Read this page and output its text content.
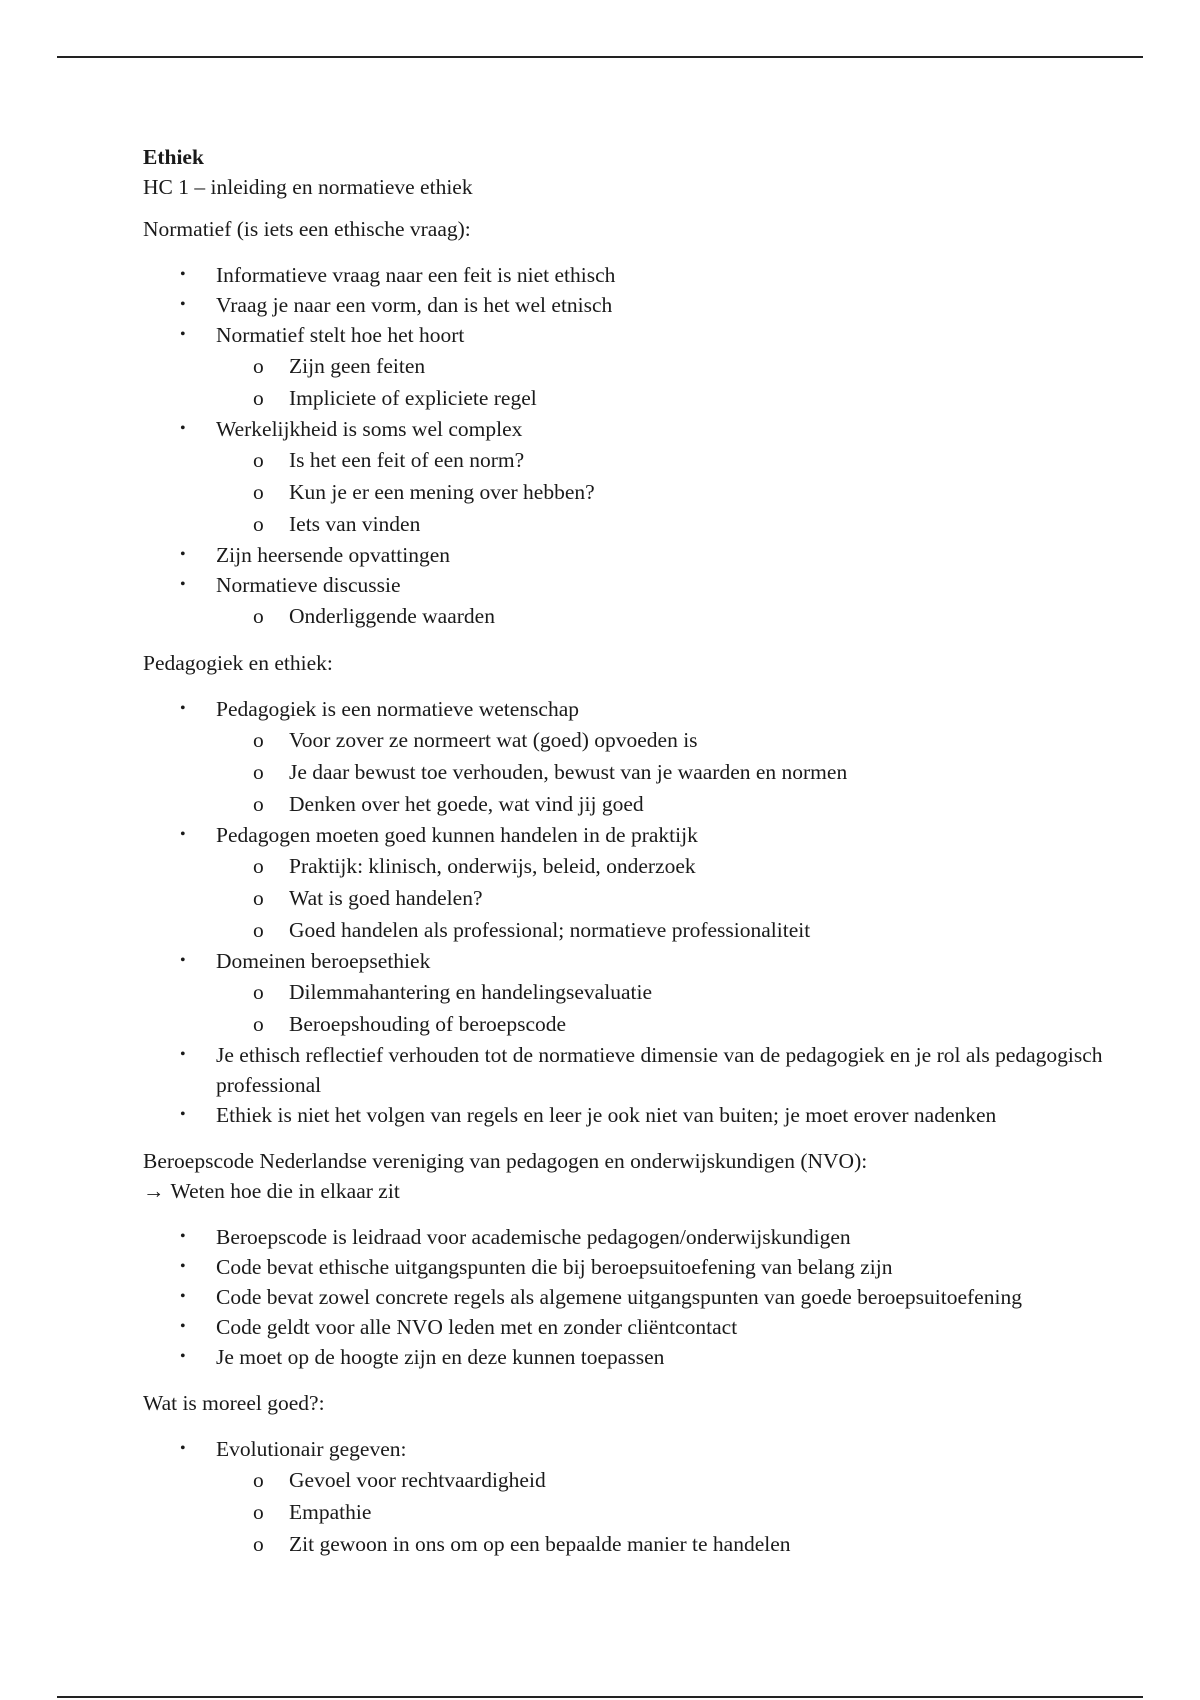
Ethiek

HC 1 – inleiding en normatieve ethiek

Normatief (is iets een ethische vraag):

• Informatieve vraag naar een feit is niet ethisch
• Vraag je naar een vorm, dan is het wel etnisch
• Normatief stelt hoe het hoort
o Zijn geen feiten
o Impliciete of expliciete regel
• Werkelijkheid is soms wel complex
o Is het een feit of een norm?
o Kun je er een mening over hebben?
o Iets van vinden
• Zijn heersende opvattingen
• Normatieve discussie
o Onderliggende waarden

Pedagogiek en ethiek:

• Pedagogiek is een normatieve wetenschap
o Voor zover ze normeert wat (goed) opvoeden is
o Je daar bewust toe verhouden, bewust van je waarden en normen
o Denken over het goede, wat vind jij goed
• Pedagogen moeten goed kunnen handelen in de praktijk
o Praktijk: klinisch, onderwijs, beleid, onderzoek
o Wat is goed handelen?
o Goed handelen als professional; normatieve professionaliteit
• Domeinen beroepsethiek
o Dilemmahantering en handelingsevaluatie
o Beroepshouding of beroepscode
• Je ethisch reflectief verhouden tot de normatieve dimensie van de pedagogiek en je rol als pedagogisch professional
• Ethiek is niet het volgen van regels en leer je ook niet van buiten; je moet erover nadenken

Beroepscode Nederlandse vereniging van pedagogen en onderwijskundigen (NVO):

→ Weten hoe die in elkaar zit

• Beroepscode is leidraad voor academische pedagogen/onderwijskundigen
• Code bevat ethische uitgangspunten die bij beroepsuitoefening van belang zijn
• Code bevat zowel concrete regels als algemene uitgangspunten van goede beroepsuitoefening
• Code geldt voor alle NVO leden met en zonder cliëntcontact
• Je moet op de hoogte zijn en deze kunnen toepassen

Wat is moreel goed?:

• Evolutionair gegeven:
o Gevoel voor rechtvaardigheid
o Empathie
o Zit gewoon in ons om op een bepaalde manier te handelen
